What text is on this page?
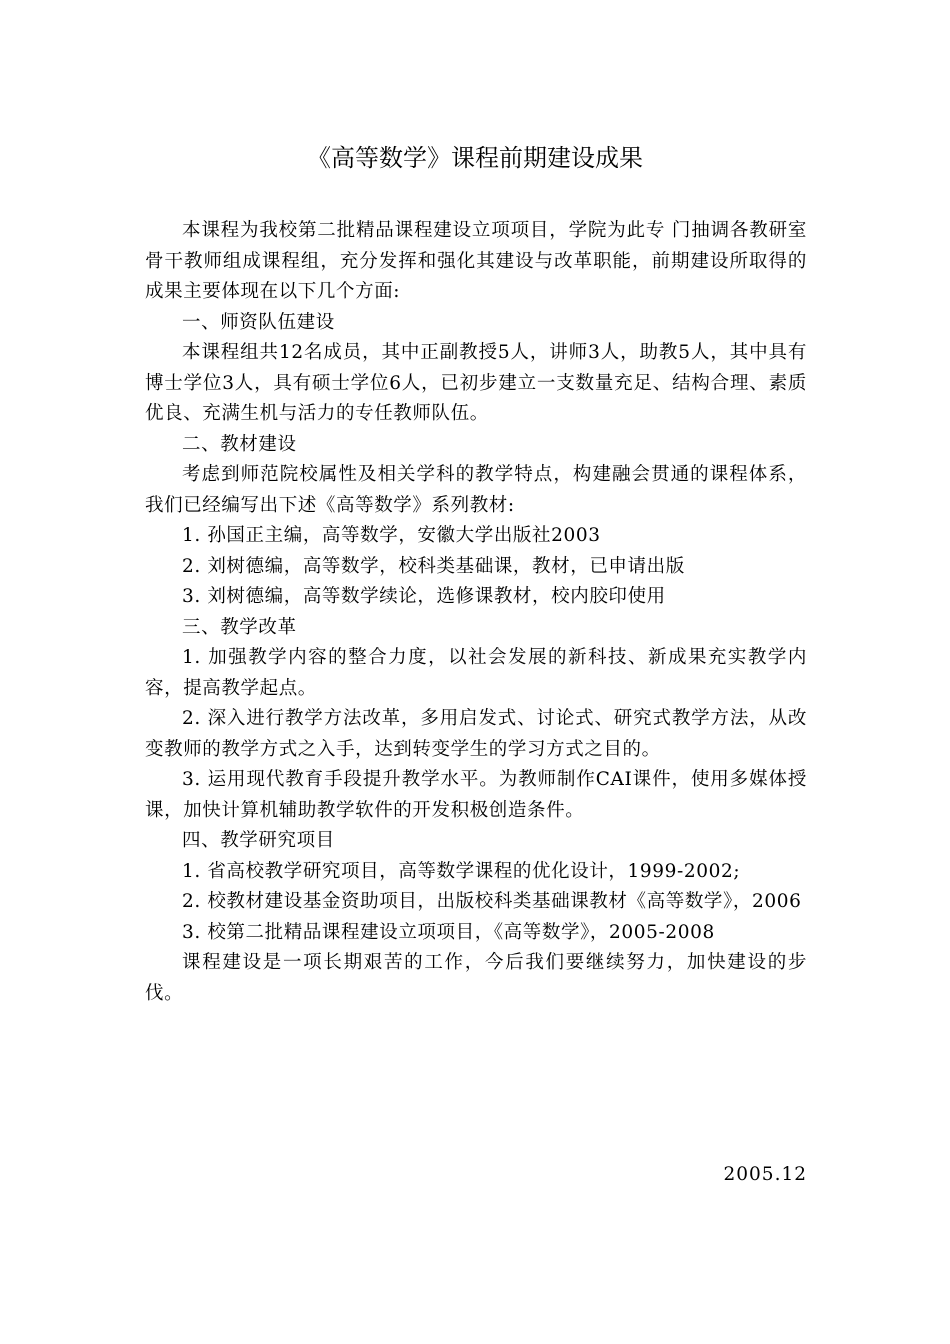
《高等数学》课程前期建设成果

本课程为我校第二批精品课程建设立项项目，学院为此专 门抽调各教研室骨干教师组成课程组，充分发挥和强化其建设与改革职能，前期建设所取得的成果主要体现在以下几个方面:

一、师资队伍建设

本课程组共12名成员，其中正副教授5人，讲师3人，助教5人，其中具有博士学位3人，具有硕士学位6人，已初步建立一支数量充足、结构合理、素质优良、充满生机与活力的专任教师队伍。

二、教材建设

考虑到师范院校属性及相关学科的教学特点，构建融会贯通的课程体系，我们已经编写出下述《高等数学》系列教材:

1. 孙国正主编，高等数学，安徽大学出版社2003

2. 刘树德编，高等数学，校科类基础课，教材，已申请出版

3. 刘树德编，高等数学续论，选修课教材，校内胶印使用

三、教学改革

1. 加强教学内容的整合力度，以社会发展的新科技、新成果充实教学内容，提高教学起点。

2. 深入进行教学方法改革，多用启发式、讨论式、研究式教学方法，从改变教师的教学方式之入手，达到转变学生的学习方式之目的。

3. 运用现代教育手段提升教学水平。为教师制作CAI课件，使用多媒体授课，加快计算机辅助教学软件的开发积极创造条件。

四、教学研究项目

1. 省高校教学研究项目，高等数学课程的优化设计，1999-2002;

2. 校教材建设基金资助项目，出版校科类基础课教材《高等数学》，2006

3. 校第二批精品课程建设立项项目，《高等数学》，2005-2008

课程建设是一项长期艰苦的工作，今后我们要继续努力，加快建设的步伐。

2005.12
